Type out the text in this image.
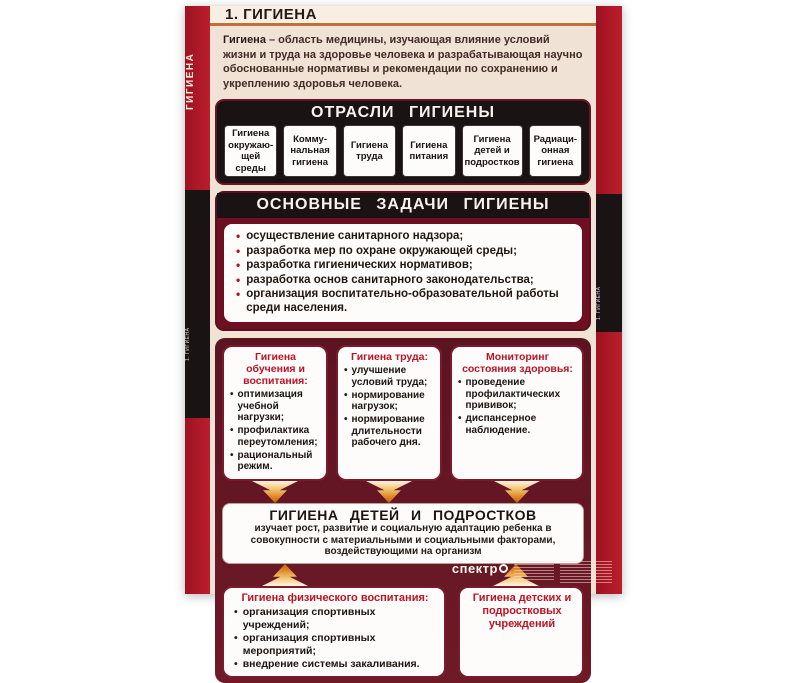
ГИГИЕНА
1. ГИГИЕНА
1. ГИГИЕНА
Гигиена – область медицины, изучающая влияние условий жизни и труда на здоровье человека и разрабатывающая научно обоснованные нормативы и рекомендации по сохранению и укреплению здоровья человека.
ОТРАСЛИ ГИГИЕНЫ
Гигиена окружаю- щей среды
Комму- нальная гигиена
Гигиена труда
Гигиена питания
Гигиена детей и подростков
Радиаци- онная гигиена
ОСНОВНЫЕ ЗАДАЧИ ГИГИЕНЫ
• осуществление санитарного надзора;
• разработка мер по охране окружающей среды;
• разработка гигиенических нормативов;
• разработка основ санитарного законодательства;
• организация воспитательно-образовательной работы среди населения.
Гигиена обучения и воспитания:
• оптимизация учебной нагрузки;
• профилактика переутомления;
• рациональный режим.
Гигиена труда:
• улучшение условий труда;
• нормирование нагрузок;
• нормирование длительности рабочего дня.
Мониторинг состояния здоровья:
• проведение профилактических прививок;
• диспансерное наблюдение.
ГИГИЕНА ДЕТЕЙ И ПОДРОСТКОВ
изучает рост, развитие и социальную адаптацию ребенка в совокупности с материальными и социальными факторами, воздействующими на организм
Гигиена физического воспитания:
• организация спортивных учреждений;
• организация спортивных мероприятий;
• внедрение системы закаливания.
Гигиена детских и подростковых учреждений
1. ГИГИЕНА
спектр
